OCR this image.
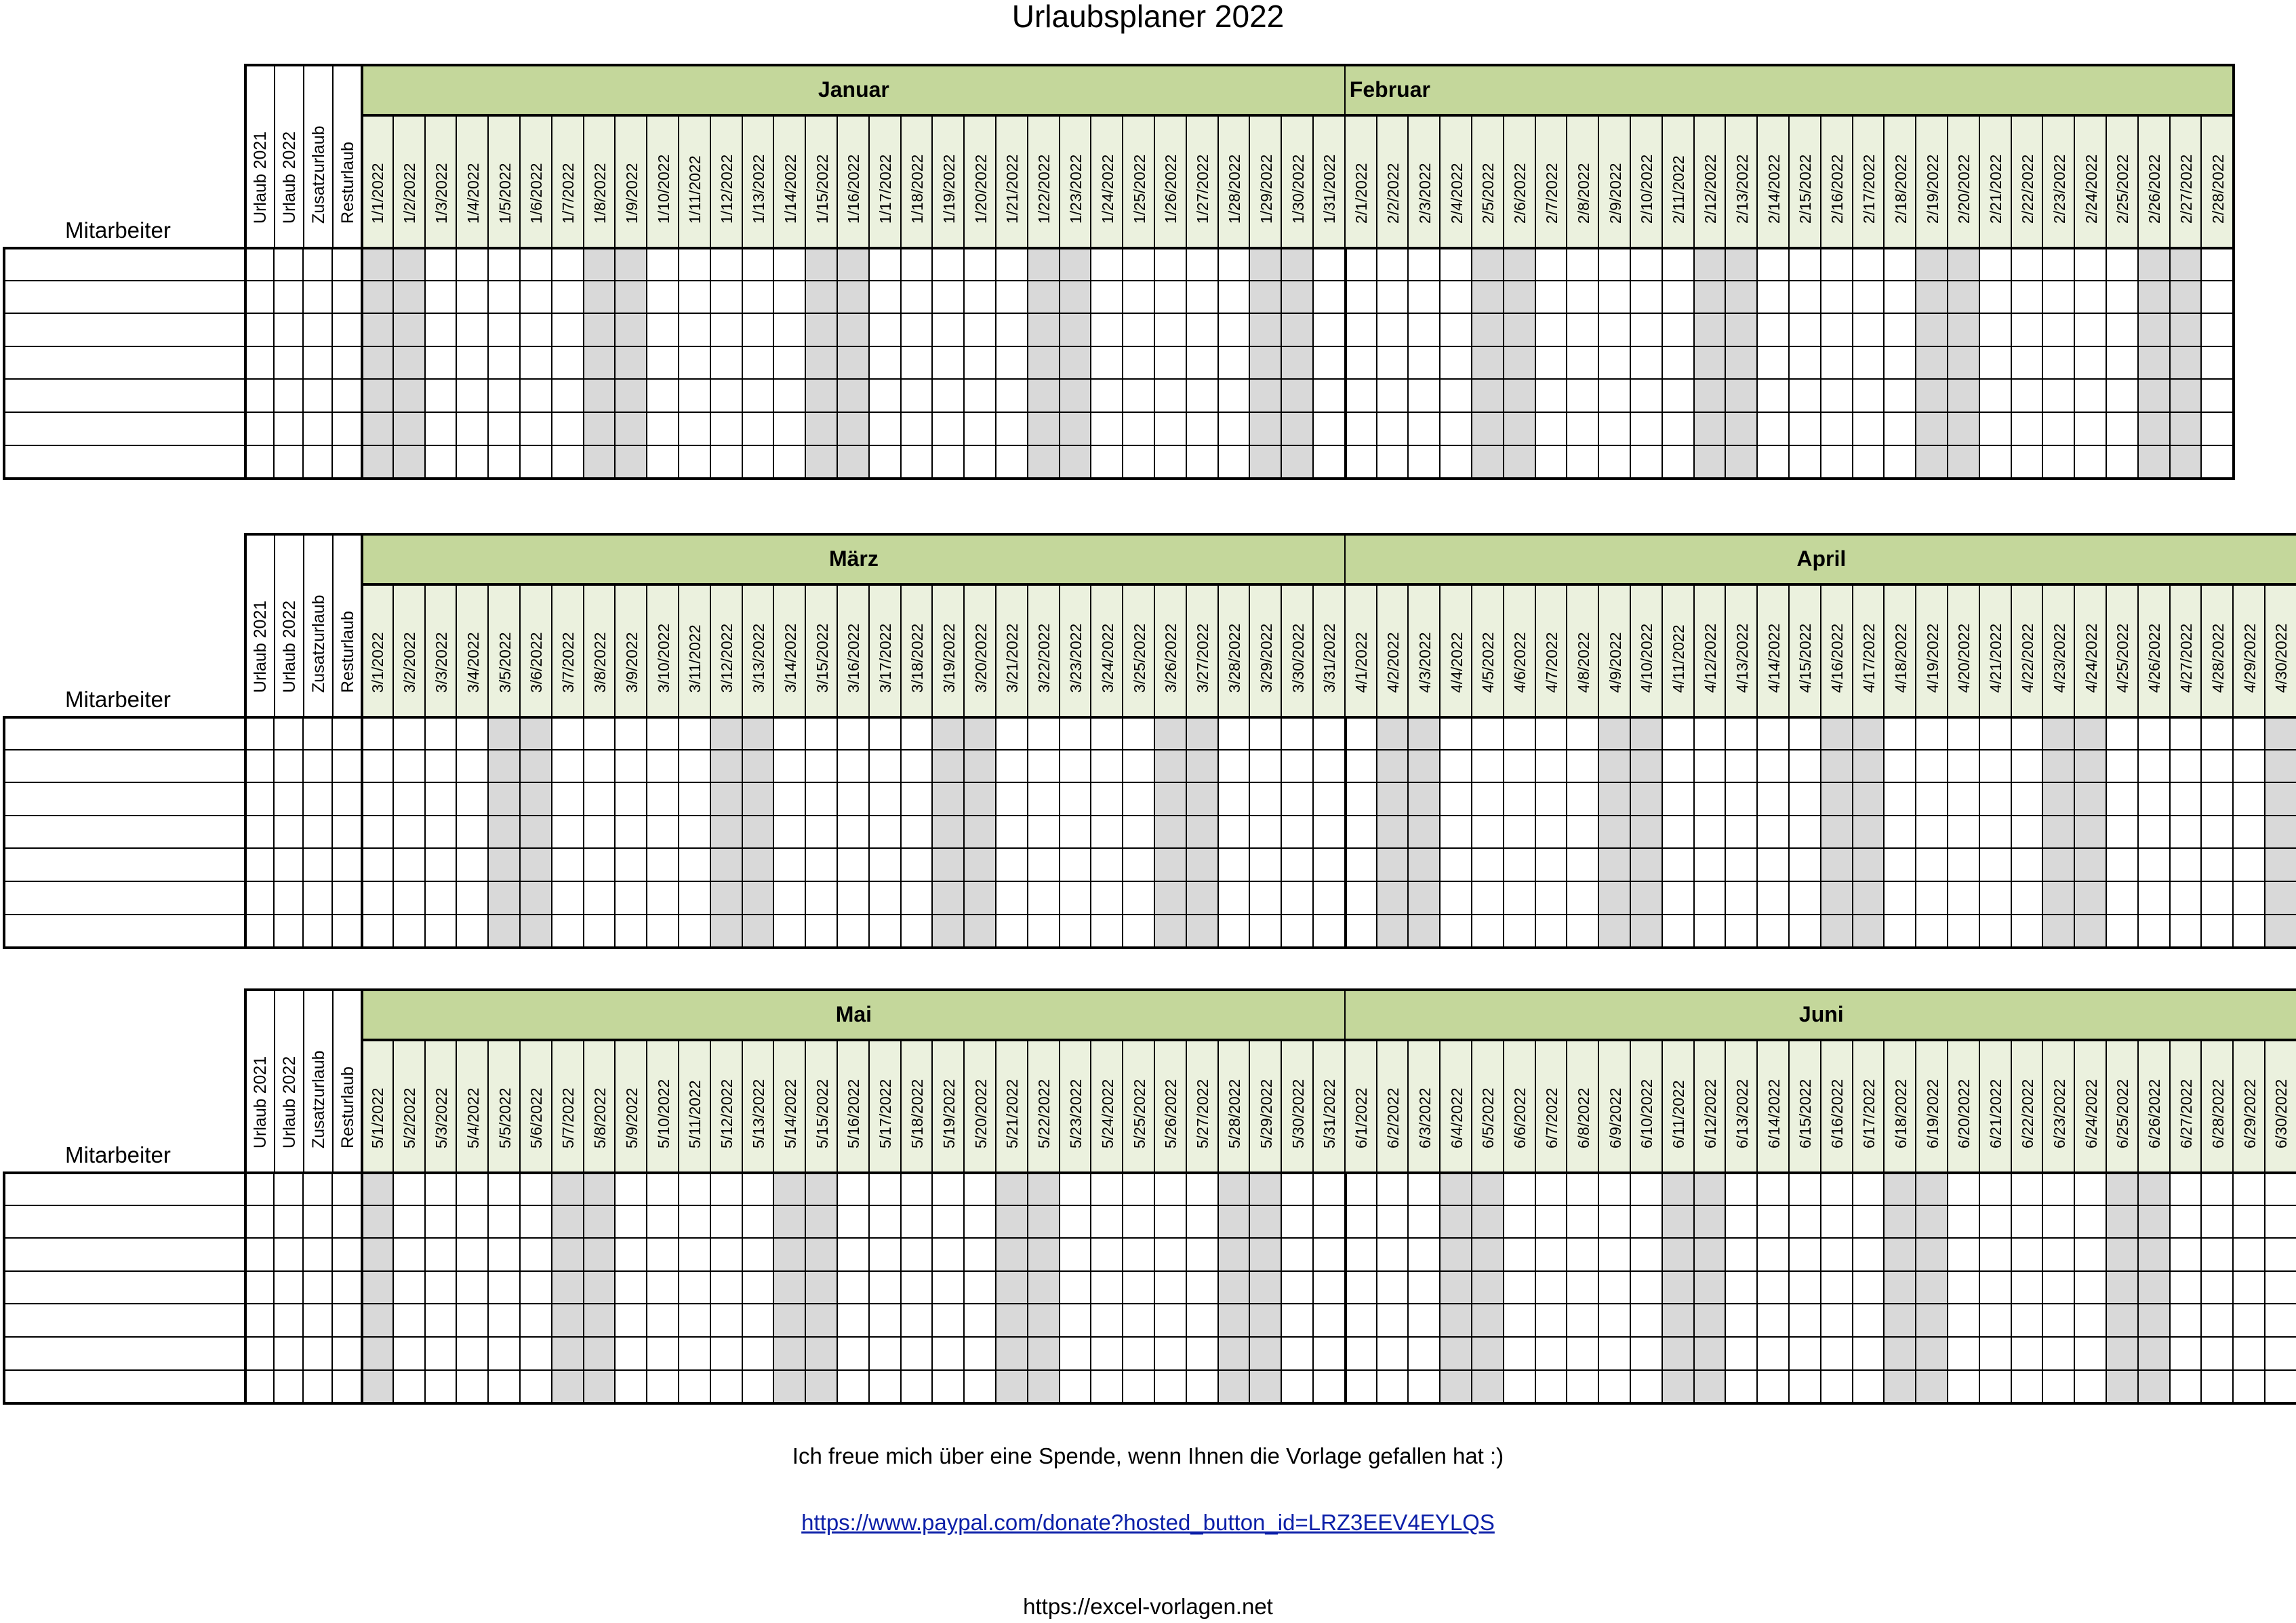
Urlaubsplaner 2022
Mitarbeiter
Urlaub 2021 Urlaub 2022 Zusatzurlaub Resturlaub
Januar
1/1/2022 1/2/2022 1/3/2022 1/4/2022 1/5/2022 1/6/2022 1/7/2022 1/8/2022 1/9/2022 1/10/2022 1/11/2022 1/12/2022 1/13/2022 1/14/2022 1/15/2022 1/16/2022 1/17/2022 1/18/2022 1/19/2022 1/20/2022 1/21/2022 1/22/2022 1/23/2022 1/24/2022 1/25/2022 1/26/2022 1/27/2022 1/28/2022 1/29/2022 1/30/2022 1/31/2022
Februar
2/1/2022 2/2/2022 2/3/2022 2/4/2022 2/5/2022 2/6/2022 2/7/2022 2/8/2022 2/9/2022 2/10/2022 2/11/2022 2/12/2022 2/13/2022 2/14/2022 2/15/2022 2/16/2022 2/17/2022 2/18/2022 2/19/2022 2/20/2022 2/21/2022 2/22/2022 2/23/2022 2/24/2022 2/25/2022 2/26/2022 2/27/2022 2/28/2022
Mitarbeiter
Urlaub 2021 Urlaub 2022 Zusatzurlaub Resturlaub
März
3/1/2022 3/2/2022 3/3/2022 3/4/2022 3/5/2022 3/6/2022 3/7/2022 3/8/2022 3/9/2022 3/10/2022 3/11/2022 3/12/2022 3/13/2022 3/14/2022 3/15/2022 3/16/2022 3/17/2022 3/18/2022 3/19/2022 3/20/2022 3/21/2022 3/22/2022 3/23/2022 3/24/2022 3/25/2022 3/26/2022 3/27/2022 3/28/2022 3/29/2022 3/30/2022 3/31/2022
April
4/1/2022 4/2/2022 4/3/2022 4/4/2022 4/5/2022 4/6/2022 4/7/2022 4/8/2022 4/9/2022 4/10/2022 4/11/2022 4/12/2022 4/13/2022 4/14/2022 4/15/2022 4/16/2022 4/17/2022 4/18/2022 4/19/2022 4/20/2022 4/21/2022 4/22/2022 4/23/2022 4/24/2022 4/25/2022 4/26/2022 4/27/2022 4/28/2022 4/29/2022 4/30/2022
Mitarbeiter
Urlaub 2021 Urlaub 2022 Zusatzurlaub Resturlaub
Mai
5/1/2022 5/2/2022 5/3/2022 5/4/2022 5/5/2022 5/6/2022 5/7/2022 5/8/2022 5/9/2022 5/10/2022 5/11/2022 5/12/2022 5/13/2022 5/14/2022 5/15/2022 5/16/2022 5/17/2022 5/18/2022 5/19/2022 5/20/2022 5/21/2022 5/22/2022 5/23/2022 5/24/2022 5/25/2022 5/26/2022 5/27/2022 5/28/2022 5/29/2022 5/30/2022 5/31/2022
Juni
6/1/2022 6/2/2022 6/3/2022 6/4/2022 6/5/2022 6/6/2022 6/7/2022 6/8/2022 6/9/2022 6/10/2022 6/11/2022 6/12/2022 6/13/2022 6/14/2022 6/15/2022 6/16/2022 6/17/2022 6/18/2022 6/19/2022 6/20/2022 6/21/2022 6/22/2022 6/23/2022 6/24/2022 6/25/2022 6/26/2022 6/27/2022 6/28/2022 6/29/2022 6/30/2022
Ich freue mich über eine Spende, wenn Ihnen die Vorlage gefallen hat :)
https://www.paypal.com/donate?hosted_button_id=LRZ3EEV4EYLQS
https://excel-vorlagen.net
